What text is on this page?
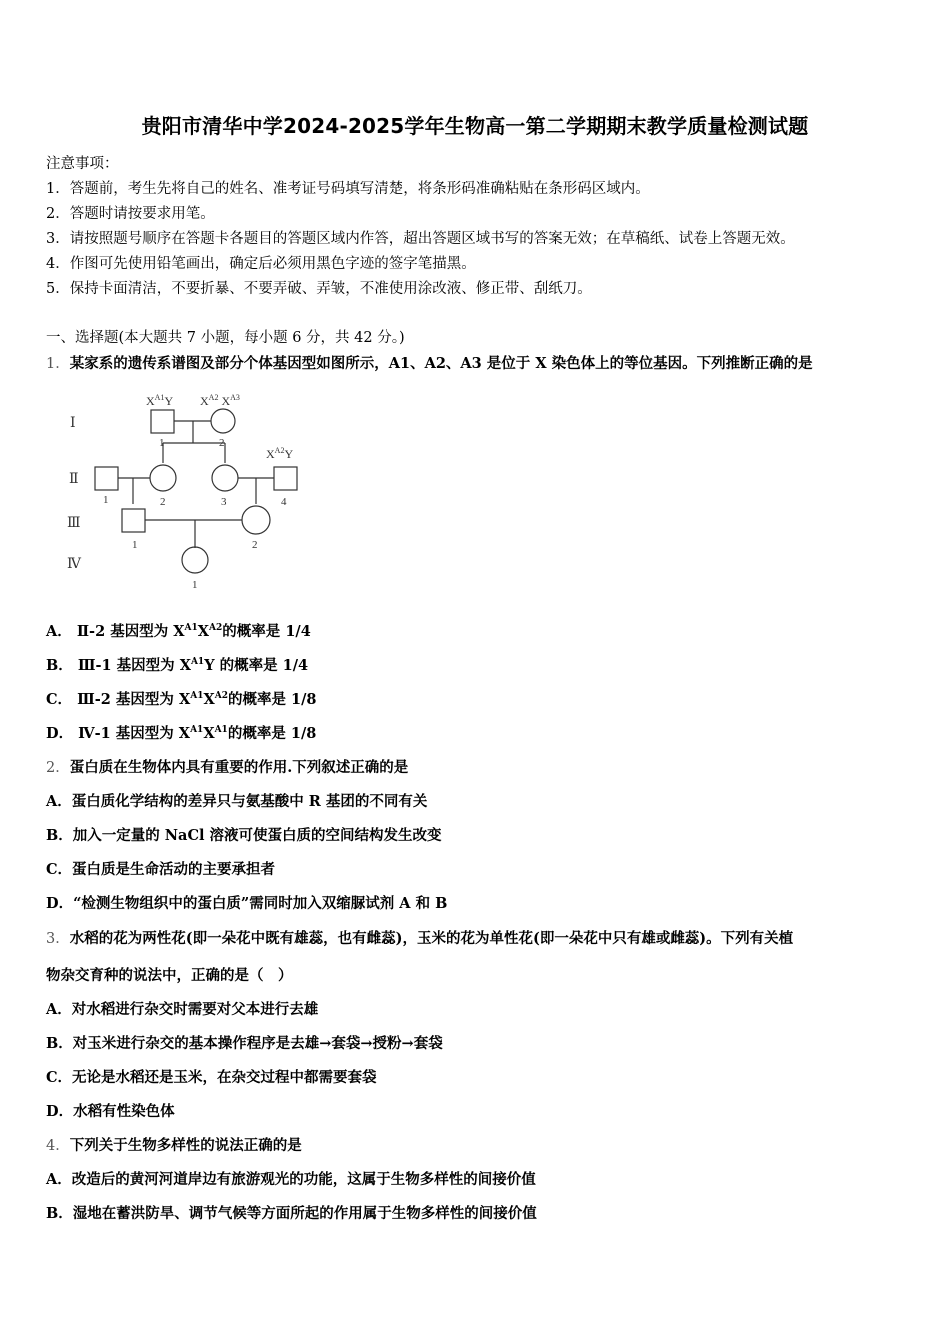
贵阳市清华中学2024-2025学年生物高一第二学期期末教学质量检测试题
注意事项：
1．答题前，考生先将自己的姓名、准考证号码填写清楚，将条形码准确粘贴在条形码区域内。
2．答题时请按要求用笔。
3．请按照题号顺序在答题卡各题目的答题区域内作答，超出答题区域书写的答案无效；在草稿纸、试卷上答题无效。
4．作图可先使用铅笔画出，确定后必须用黑色字迹的签字笔描黑。
5．保持卡面清洁，不要折暴、不要弄破、弄皱，不准使用涂改液、修正带、刮纸刀。
一、选择题(本大题共 7 小题，每小题 6 分，共 42 分。)
1．某家系的遗传系谱图及部分个体基因型如图所示，A1、A2、A3 是位于 X 染色体上的等位基因。下列推断正确的是
Ⅰ
Ⅱ
Ⅲ
Ⅳ
$X^{A1}Y$ $X^{A2}$ $X^{A3}$
$X^{A2}Y$
1	2
1	2	3	4
1	2
1
A． Ⅱ-2 基因型为 $X^{A1}X^{A2}$的概率是 1/4
B． Ⅲ-1 基因型为 $X^{A1}Y$ 的概率是 1/4
C． Ⅲ-2 基因型为 $X^{A1}X^{A2}$的概率是 1/8
D． Ⅳ-1 基因型为 $X^{A1}X^{A1}$的概率是 1/8
2．蛋白质在生物体内具有重要的作用.下列叙述正确的是
A．蛋白质化学结构的差异只与氨基酸中 R 基团的不同有关
B．加入一定量的 NaCl 溶液可使蛋白质的空间结构发生改变
C．蛋白质是生命活动的主要承担者
D．“检测生物组织中的蛋白质”需同时加入双缩脲试剂 A 和 B
3．水稻的花为两性花(即一朵花中既有雄蕊，也有雌蕊)，玉米的花为单性花(即一朵花中只有雄或雌蕊)。下列有关植
物杂交育种的说法中，正确的是（　）
A．对水稻进行杂交时需要对父本进行去雄
B．对玉米进行杂交的基本操作程序是去雄→套袋→授粉→套袋
C．无论是水稻还是玉米，在杂交过程中都需要套袋
D．水稻有性染色体
4．下列关于生物多样性的说法正确的是
A．改造后的黄河河道岸边有旅游观光的功能，这属于生物多样性的间接价值
B．湿地在蓄洪防旱、调节气候等方面所起的作用属于生物多样性的间接价值
